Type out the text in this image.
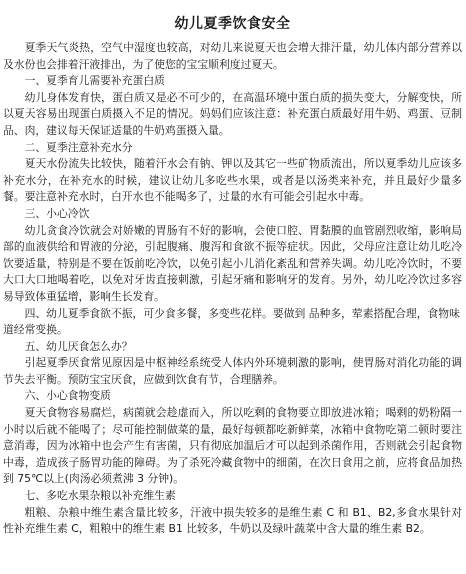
幼儿夏季饮食安全

夏季天气炎热，空气中湿度也较高，对幼儿来说夏天也会增大排汗量，幼儿体内部分营养以及水份也会排着汗液排出，为了使您的宝宝顺利度过夏天。

一、夏季育儿需要补充蛋白质

幼儿身体发育快，蛋白质又是必不可少的，在高温环境中蛋白质的损失变大，分解变快，所以夏天容易出现蛋白质摄入不足的情况。妈妈们应该注意：补充蛋白质最好用牛奶、鸡蛋、豆制品、肉，建议每天保证适量的牛奶鸡蛋摄入量。

二、夏季注意补充水分

夏天水份流失比较快，随着汗水会有钠、钾以及其它一些矿物质流出，所以夏季幼儿应该多补充水分，在补充水的时候，建议让幼儿多吃些水果，或者是以汤类来补充，并且最好少量多餐。要注意补充水时，白开水也不能喝多了，过量的水有可能会引起水中毒。

三、小心冷饮

幼儿贪食冷饮就会对娇嫩的胃肠有不好的影响，会使口腔、胃黏膜的血管剧烈收缩，影响局部的血液供给和胃液的分泌，引起腹痛、腹泻和食欲不振等症状。因此，父母应注意让幼儿吃冷饮要适量，特别是不要在饭前吃冷饮，以免引起小儿消化紊乱和营养失调。幼儿吃冷饮时，不要大口大口地喝着吃，以免对牙齿直接刺激，引起牙痛和影响牙的发育。另外，幼儿吃冷饮过多容易导致体重猛增，影响生长发育。

四、幼儿夏季食欲不振，可少食多餐，多变些花样。要做到 品种多，荤素搭配合理，食物味道经常变换。

五、幼儿厌食怎么办？

引起夏季厌食常见原因是中枢神经系统受人体内外环境刺激的影响，使胃肠对消化功能的调节失去平衡。预防宝宝厌食，应做到饮食有节，合理膳养。

六、小心食物变质

夏天食物容易腐烂，病菌就会趁虚而入，所以吃剩的食物要立即放进冰箱；喝剩的奶粉隔一小时以后就不能喝了；尽可能控制做菜的量，最好每顿都吃新鲜菜，冰箱中食物吃第二顿时要注意消毒，因为冰箱中也会产生有害菌，只有彻底加温后才可以起到杀菌作用，否则就会引起食物中毒，造成孩子肠胃功能的障碍。为了杀死冷藏食物中的细菌，在次日食用之前，应将食品加热到 75℃以上(肉汤必须煮沸 3 分钟)。

七、多吃水果杂粮以补充维生素

粗粮、杂粮中维生素含量比较多，汗液中损失较多的是维生素 C 和 B1、B2,多食水果针对性补充维生素 C，粗粮中的维生素 B1 比较多，牛奶以及绿叶蔬菜中含大量的维生素 B2。
